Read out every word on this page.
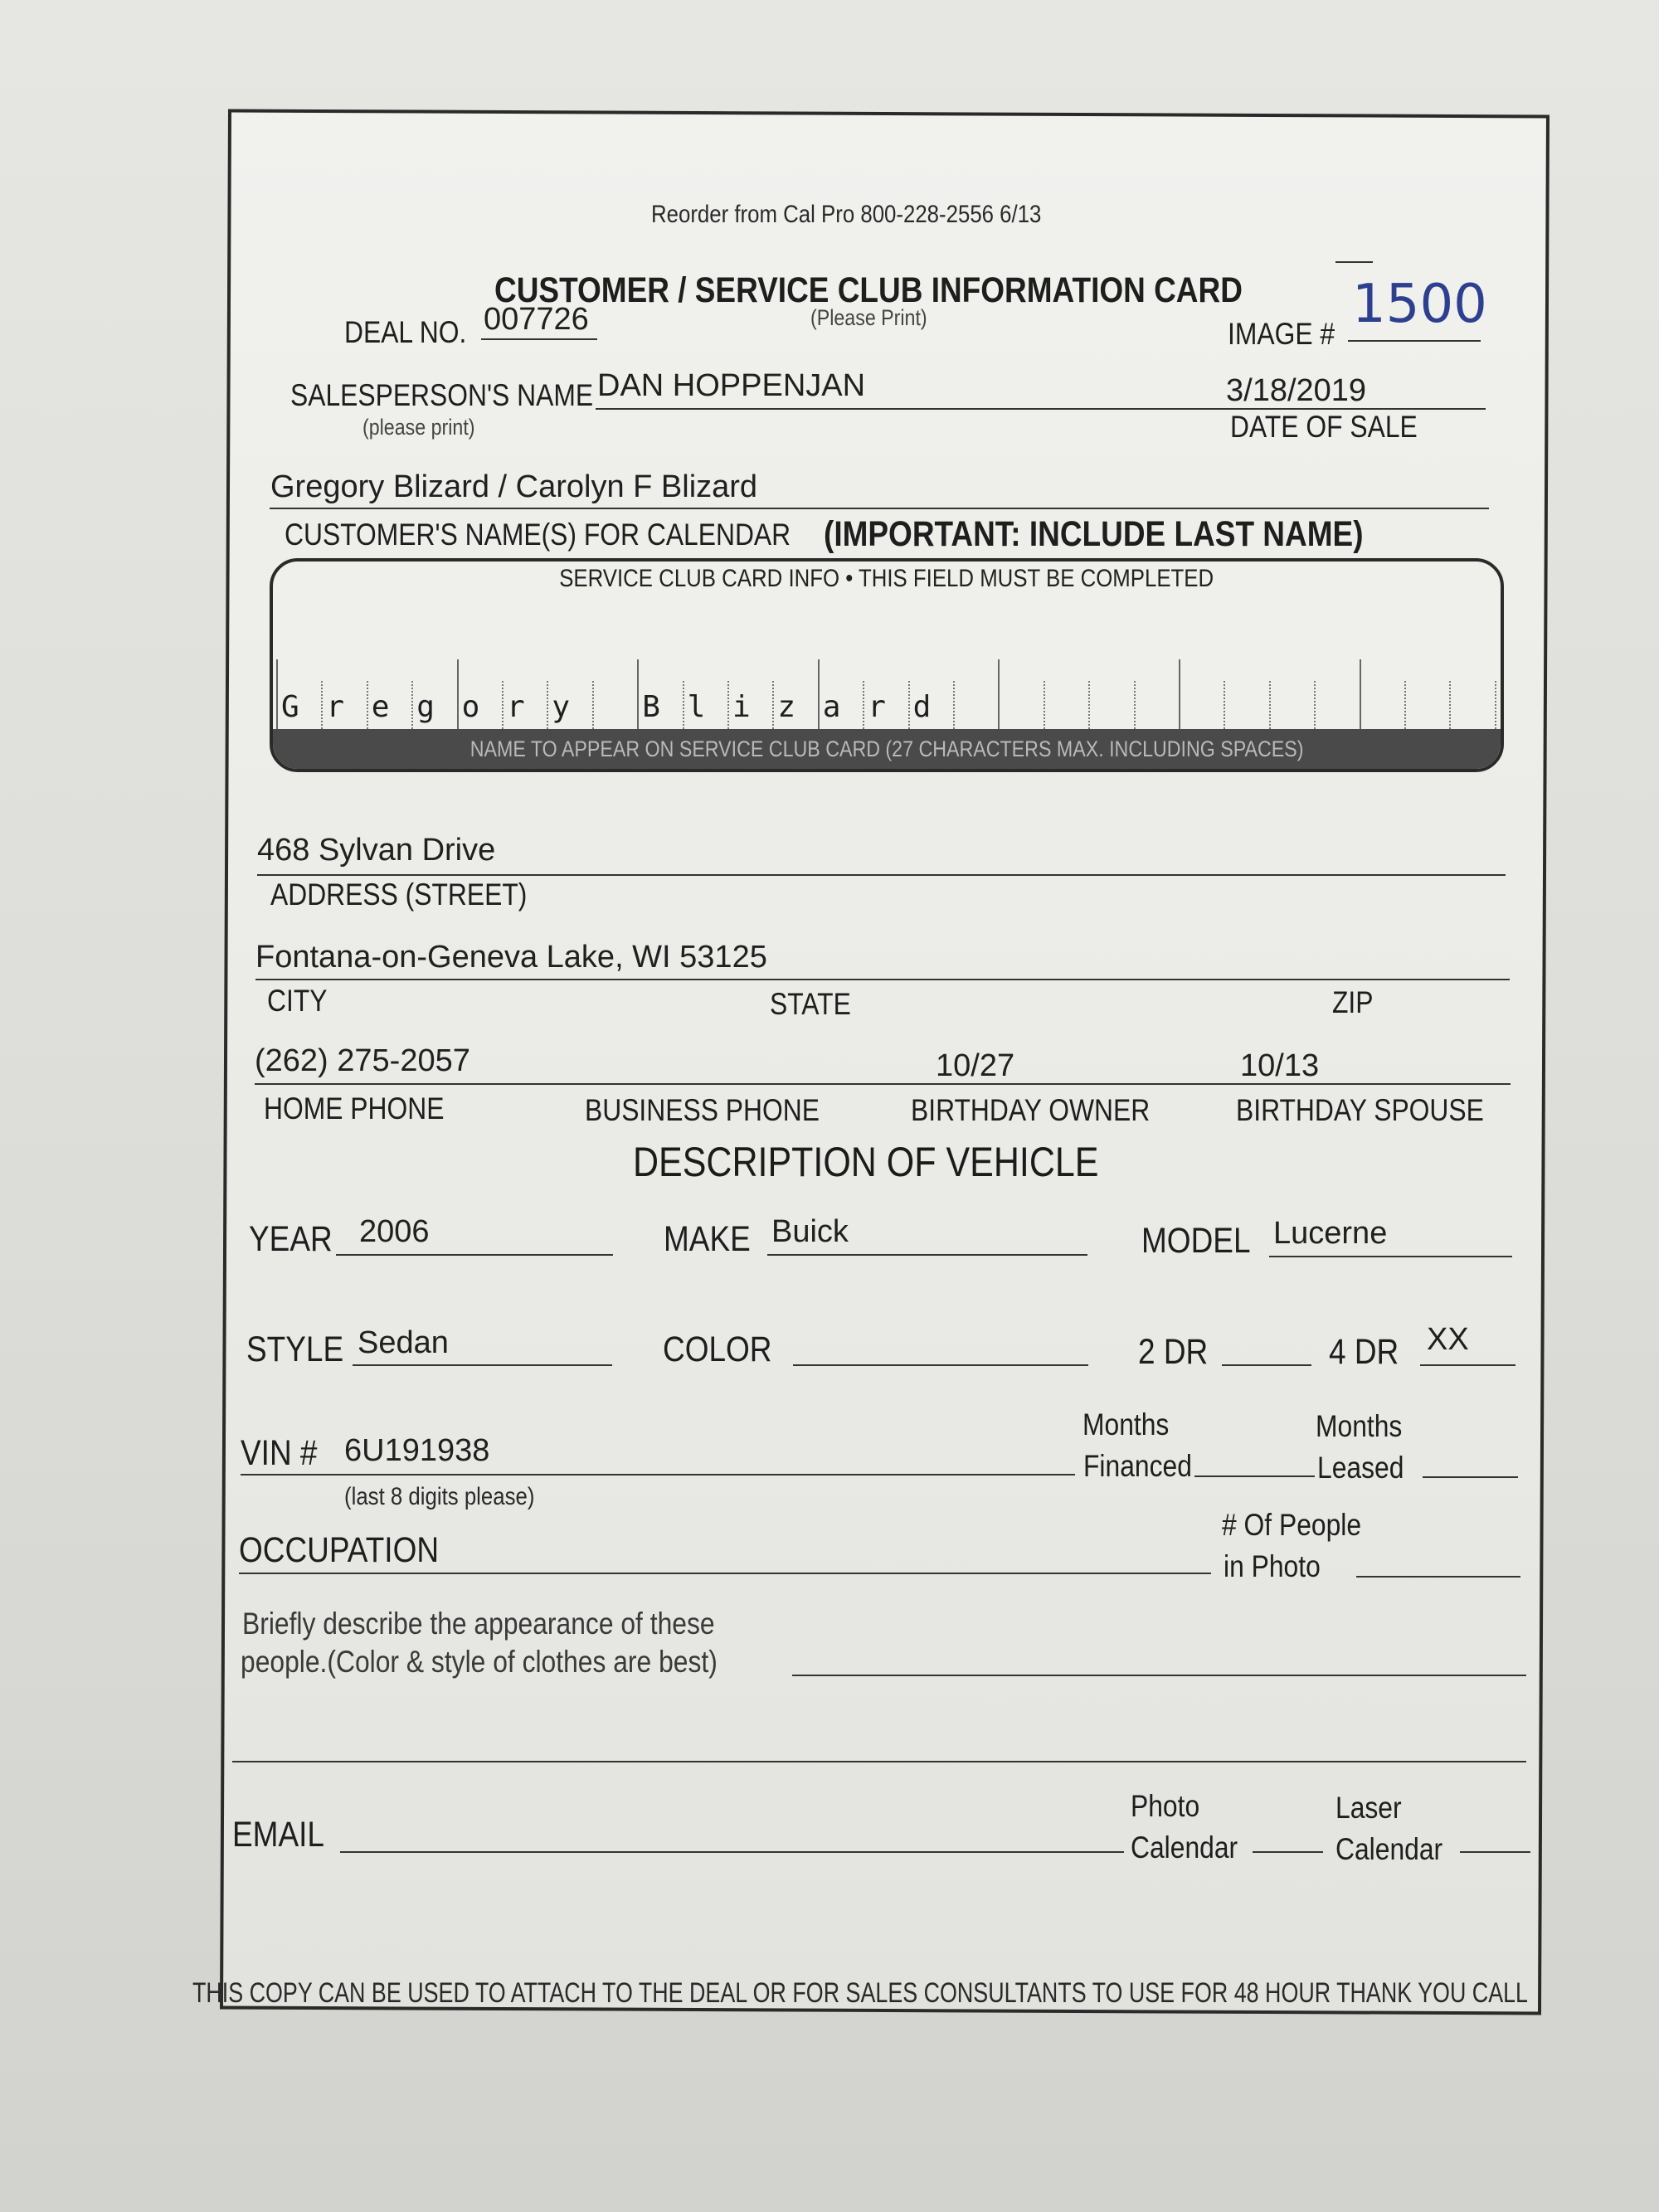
Reorder from Cal Pro 800-228-2556 6/13
CUSTOMER / SERVICE CLUB INFORMATION CARD
DEAL NO. 007726	(Please Print)	IMAGE # 1500
SALESPERSON'S NAME
(please print)
DAN HOPPENJAN	3/18/2019
DATE OF SALE
Gregory Blizard / Carolyn F Blizard
CUSTOMER'S NAME(S) FOR CALENDAR (IMPORTANT: INCLUDE LAST NAME)
SERVICE CLUB CARD INFO • THIS FIELD MUST BE COMPLETED
G r e g o r y B l i z a r d
NAME TO APPEAR ON SERVICE CLUB CARD (27 CHARACTERS MAX. INCLUDING SPACES)
468 Sylvan Drive
ADDRESS (STREET)
Fontana-on-Geneva Lake, WI 53125
CITY	STATE	ZIP
(262) 275-2057
HOME PHONE	BUSINESS PHONE
10/27
BIRTHDAY OWNER
10/13
BIRTHDAY SPOUSE
DESCRIPTION OF VEHICLE
YEAR 2006	MAKE Buick	MODEL Lucerne
STYLE Sedan	COLOR	2 DR	4 DR XX
Months
Financed
Months
Leased
VIN # 6U191938
(last 8 digits please)
OCCUPATION
# Of People
in Photo
Briefly describe the appearance of these
people.(Color & style of clothes are best)
EMAIL
Photo
Calendar
Laser
Calendar
THIS COPY CAN BE USED TO ATTACH TO THE DEAL OR FOR SALES CONSULTANTS TO USE FOR 48 HOUR THANK YOU CALL
